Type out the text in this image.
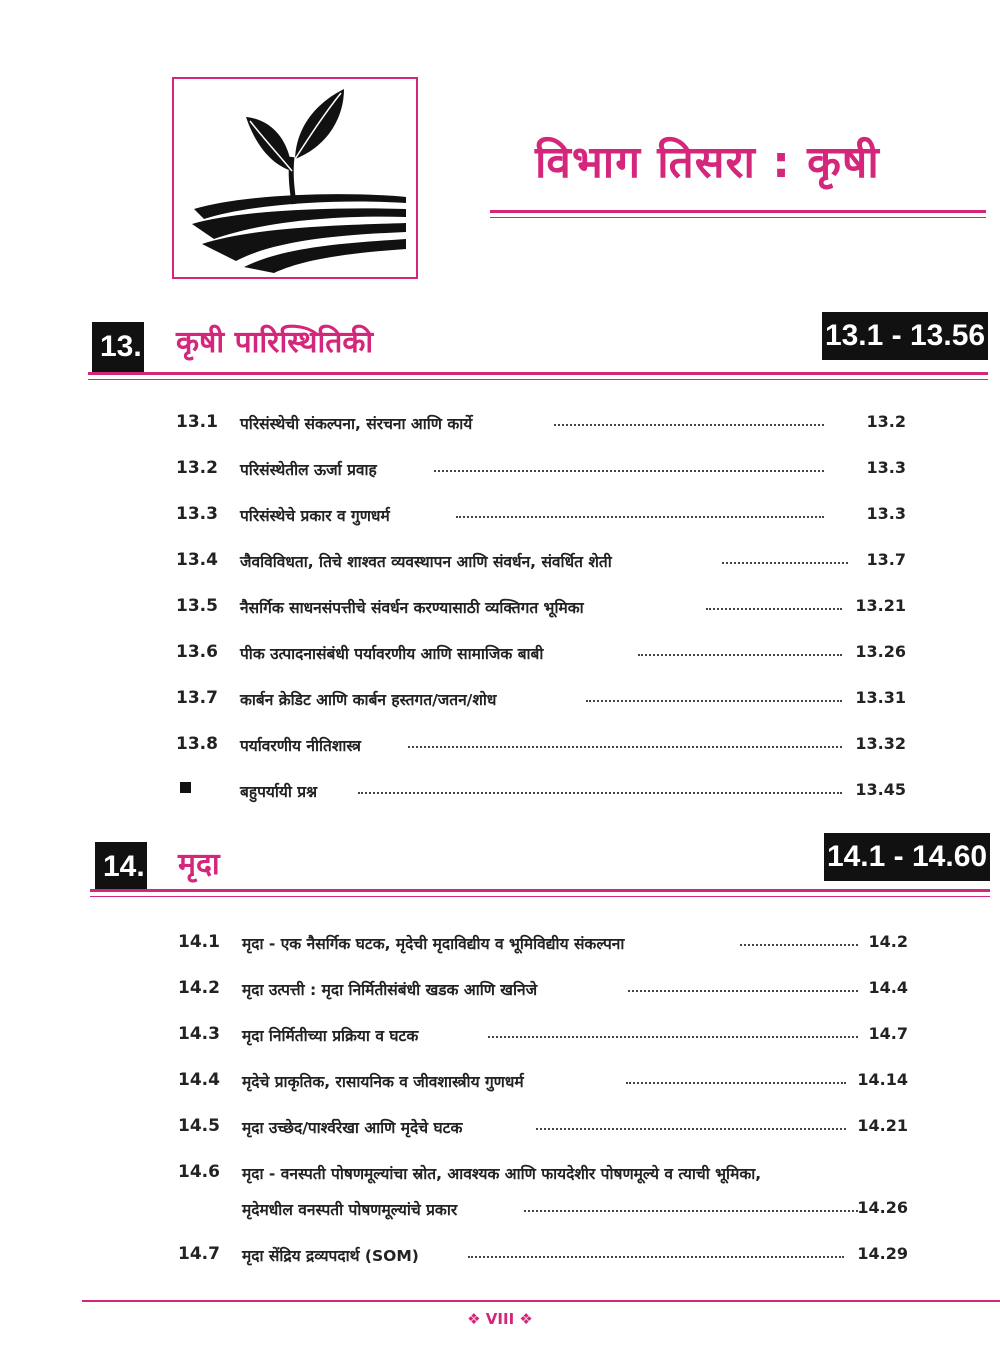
विभाग तिसरा : कृषी
13. कृषी पारिस्थितिकी	13.1 - 13.56
13.1	परिसंस्थेची संकल्पना, संरचना आणि कार्ये	13.2
13.2	परिसंस्थेतील ऊर्जा प्रवाह	13.3
13.3	परिसंस्थेचे प्रकार व गुणधर्म	13.3
13.4	जैवविविधता, तिचे शाश्वत व्यवस्थापन आणि संवर्धन, संवर्धित शेती	13.7
13.5	नैसर्गिक साधनसंपत्तीचे संवर्धन करण्यासाठी व्यक्तिगत भूमिका	13.21
13.6	पीक उत्पादनासंबंधी पर्यावरणीय आणि सामाजिक बाबी	13.26
13.7	कार्बन क्रेडिट आणि कार्बन हस्तगत/जतन/शोध	13.31
13.8	पर्यावरणीय नीतिशास्त्र	13.32
बहुपर्यायी प्रश्न	13.45
14. मृदा	14.1 - 14.60
14.1	मृदा - एक नैसर्गिक घटक, मृदेची मृदाविद्यीय व भूमिविद्यीय संकल्पना	14.2
14.2	मृदा उत्पत्ती : मृदा निर्मितीसंबंधी खडक आणि खनिजे	14.4
14.3	मृदा निर्मितीच्या प्रक्रिया व घटक	14.7
14.4	मृदेचे प्राकृतिक, रासायनिक व जीवशास्त्रीय गुणधर्म	14.14
14.5	मृदा उच्छेद/पार्श्वरेखा आणि मृदेचे घटक	14.21
14.6	मृदा - वनस्पती पोषणमूल्यांचा स्रोत, आवश्यक आणि फायदेशीर पोषणमूल्ये व त्याची भूमिका,
मृदेमधील वनस्पती पोषणमूल्यांचे प्रकार	14.26
14.7	मृदा सेंद्रिय द्रव्यपदार्थ (SOM)	14.29
❖ VIII ❖
